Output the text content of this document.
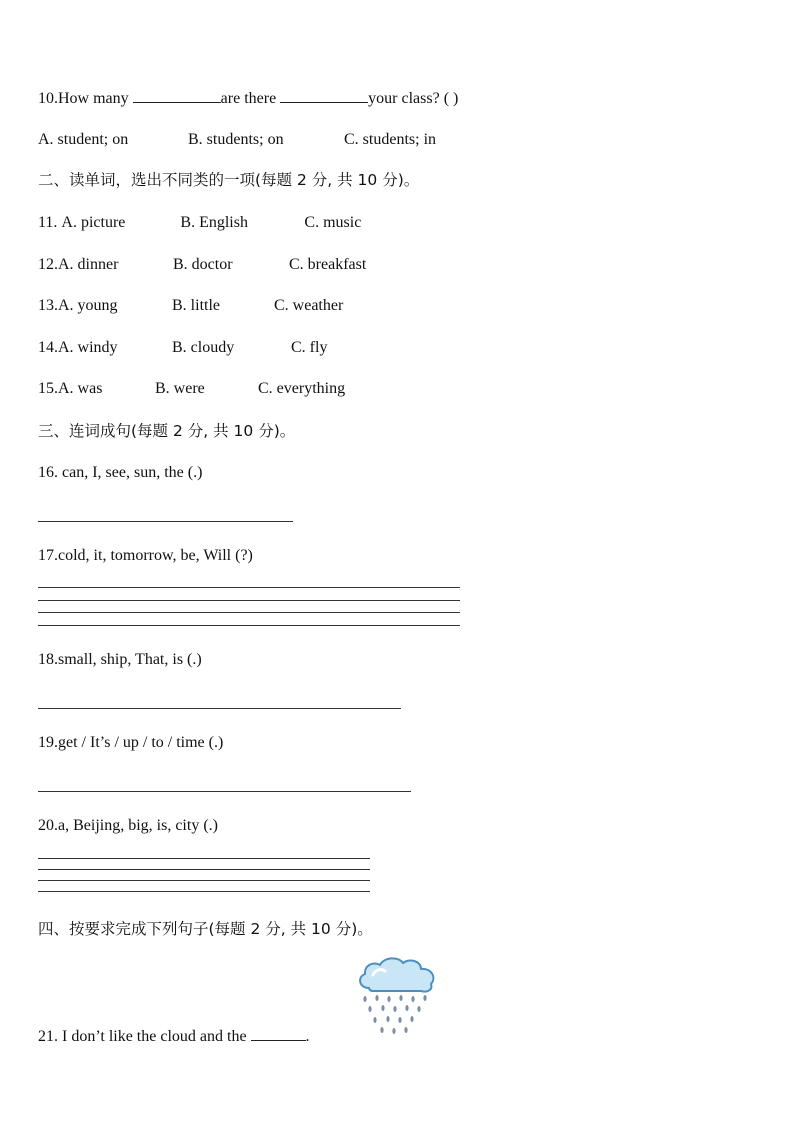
10.How many	are there	your class? ( )
A. student; on	B. students; on	C. students; in
二、读单词，选出不同类的一项(每题 2 分, 共 10 分)。
11. A. picture	B. English	C. music
12.A. dinner	B. doctor	C. breakfast
13.A. young	B. little	C. weather
14.A. windy	B. cloudy	C. fly
15.A. was	B. were	C. everything
三、连词成句(每题 2 分, 共 10 分)。
16. can, I, see, sun, the (.)
17.cold, it, tomorrow, be, Will (?)
18.small, ship, That, is (.)
19.get / It’s / up / to / time (.)
20.a, Beijing, big, is, city (.)
四、按要求完成下列句子(每题 2 分, 共 10 分)。
21. I don’t like the cloud and the	.
